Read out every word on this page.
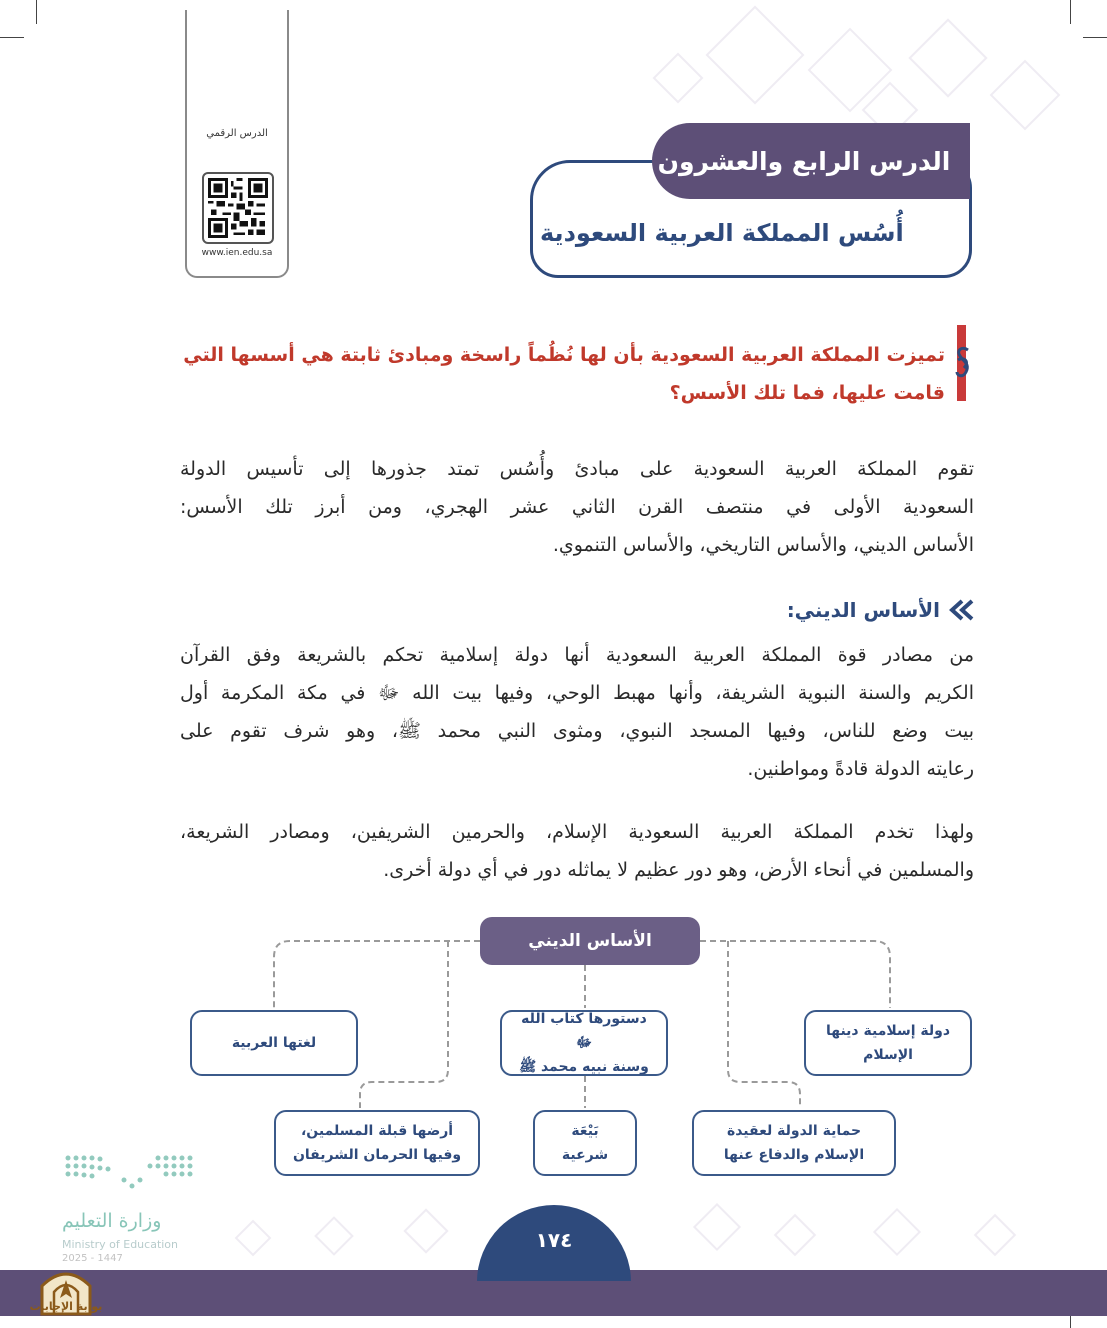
الدرس الرقمي
www.ien.edu.sa
الدرس الرابع والعشرون
أُسُس المملكة العربية السعودية
تميزت المملكة العربية السعودية بأن لها نُظُماً راسخة ومبادئ ثابتة هي أسسها التي
قامت عليها، فما تلك الأسس؟
تقوم المملكة العربية السعودية على مبادئ وأُسُس تمتد جذورها إلى تأسيس الدولة
السعودية الأولى في منتصف القرن الثاني عشر الهجري، ومن أبرز تلك الأسس:
الأساس الديني، والأساس التاريخي، والأساس التنموي.
الأساس الديني:
من مصادر قوة المملكة العربية السعودية أنها دولة إسلامية تحكم بالشريعة وفق القرآن
الكريم والسنة النبوية الشريفة، وأنها مهبط الوحي، وفيها بيت الله ﷻ في مكة المكرمة أول
بيت وضع للناس، وفيها المسجد النبوي، ومثوى النبي محمد ﷺ، وهو شرف تقوم على
رعايته الدولة قادةً ومواطنين.
ولهذا تخدم المملكة العربية السعودية الإسلام، والحرمين الشريفين، ومصادر الشريعة،
والمسلمين في أنحاء الأرض، وهو دور عظيم لا يماثله دور في أي دولة أخرى.
الأساس الديني
دولة إسلامية دينها
الإسلام
دستورها كتاب الله ﷻ
وسنة نبيه محمد ﷺ
لغتها العربية
حماية الدولة لعقيدة
الإسلام والدفاع عنها
بَيْعَة
شرعية
أرضها قبلة المسلمين،
وفيها الحرمان الشريفان
وزارة التعليم
Ministry of Education
2025 - 1447
١٧٤
بوابة الإجابات
